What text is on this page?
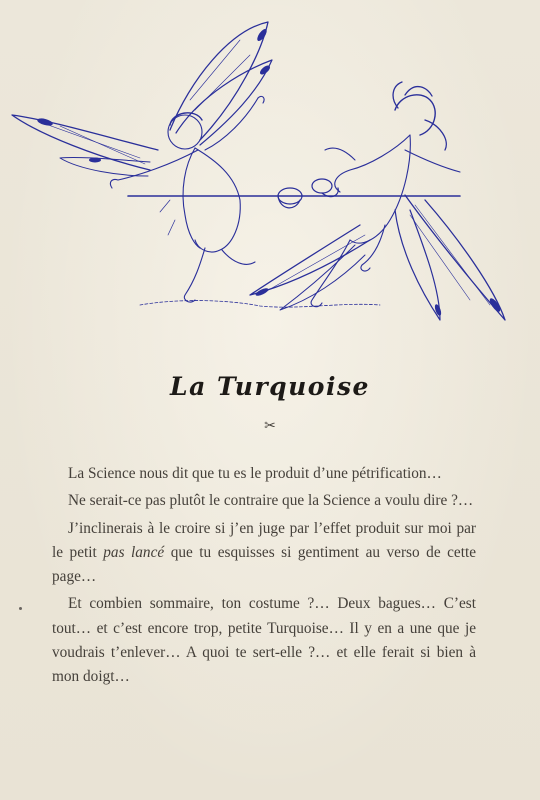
La Turquoise
✂

La Science nous dit que tu es le produit d’une pétrification…

Ne serait-ce pas plutôt le contraire que la Science a voulu dire ?…

J’inclinerais à le croire si j’en juge par l’effet produit sur moi par le petit pas lancé que tu esquisses si gentiment au verso de cette page…

Et combien sommaire, ton costume ?… Deux bagues… C’est tout… et c’est encore trop, petite Turquoise… Il y en a une que je voudrais t’enlever… A quoi te sert-elle ?… et elle ferait si bien à mon doigt…
